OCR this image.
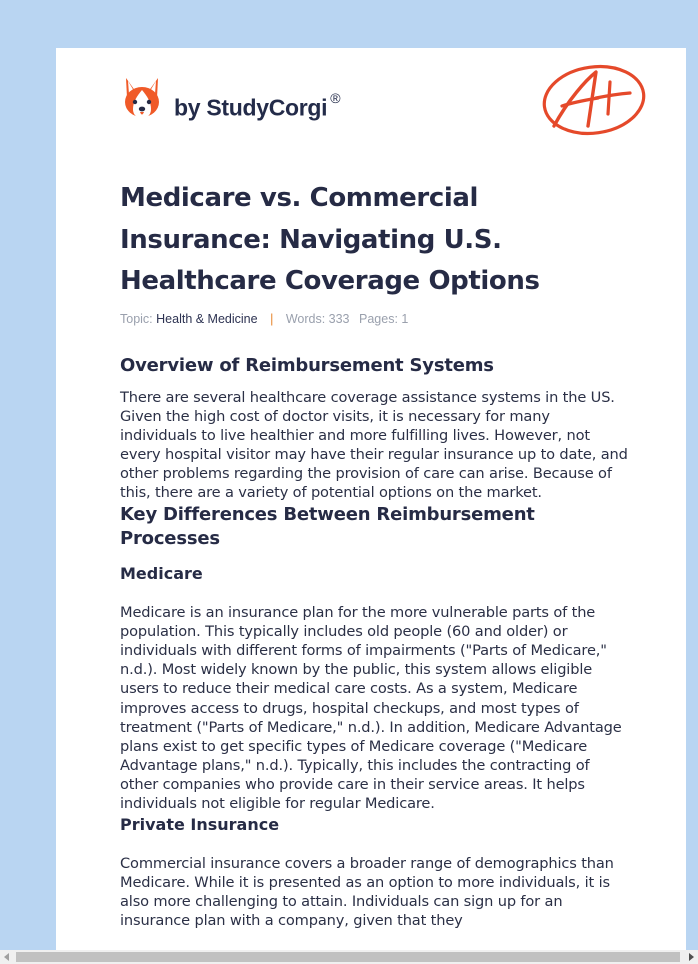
by StudyCorgi ®
A+
Medicare vs. Commercial Insurance: Navigating U.S. Healthcare Coverage Options
Topic: Health & Medicine | Words: 333 Pages: 1
Overview of Reimbursement Systems

There are several healthcare coverage assistance systems in the US. Given the high cost of doctor visits, it is necessary for many individuals to live healthier and more fulfilling lives. However, not every hospital visitor may have their regular insurance up to date, and other problems regarding the provision of care can arise. Because of this, there are a variety of potential options on the market.

Key Differences Between Reimbursement Processes
Medicare

Medicare is an insurance plan for the more vulnerable parts of the population. This typically includes old people (60 and older) or individuals with different forms of impairments ("Parts of Medicare," n.d.). Most widely known by the public, this system allows eligible users to reduce their medical care costs. As a system, Medicare improves access to drugs, hospital checkups, and most types of treatment ("Parts of Medicare," n.d.). In addition, Medicare Advantage plans exist to get specific types of Medicare coverage ("Medicare Advantage plans," n.d.). Typically, this includes the contracting of other companies who provide care in their service areas. It helps individuals not eligible for regular Medicare.

Private Insurance

Commercial insurance covers a broader range of demographics than Medicare. While it is presented as an option to more individuals, it is also more challenging to attain. Individuals can sign up for an insurance plan with a company, given that they
